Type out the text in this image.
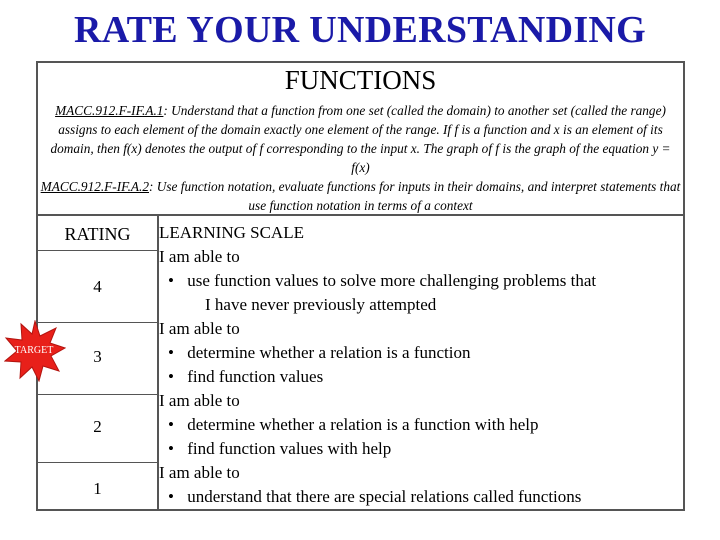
RATE YOUR UNDERSTANDING
FUNCTIONS
MACC.912.F-IF.A.1: Understand that a function from one set (called the domain) to another set (called the range) assigns to each element of the domain exactly one element of the range. If f is a function and x is an element of its domain, then f(x) denotes the output of f corresponding to the input x. The graph of f is the graph of the equation y = f(x)
MACC.912.F-IF.A.2: Use function notation, evaluate functions for inputs in their domains, and interpret statements that use function notation in terms of a context
RATING
4
3
2
1
LEARNING SCALE
I am able to
• use function values to solve more challenging problems that
I have never previously attempted
I am able to
• determine whether a relation is a function
• find function values
I am able to
• determine whether a relation is a function with help
• find function values with help
I am able to
• understand that there are special relations called functions
TARGET
